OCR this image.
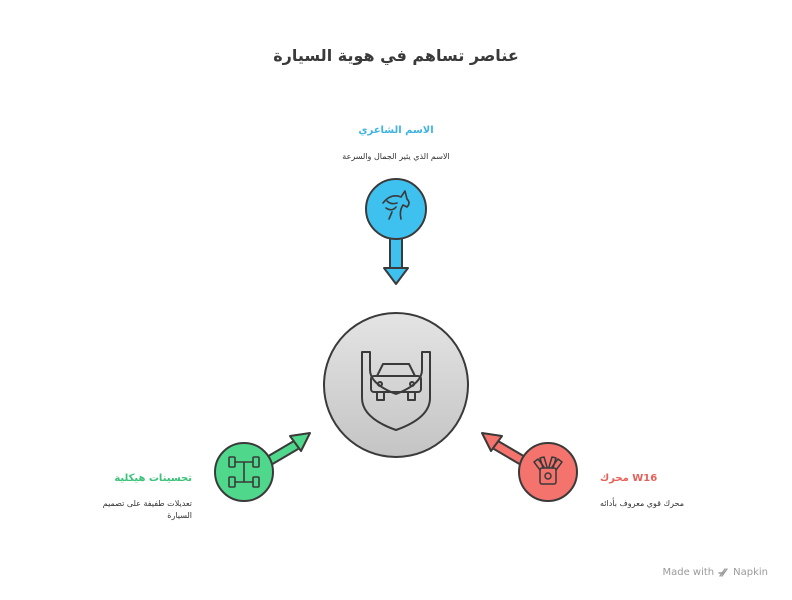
عناصر تساهم في هوية السيارة
الاسم الشاعري
الاسم الذي يثير الجمال والسرعة
تحسينات هيكلية
تعديلات طفيفة على تصميم السيارة
W16 محرك
محرك قوي معروف بأدائه
Made with Napkin
